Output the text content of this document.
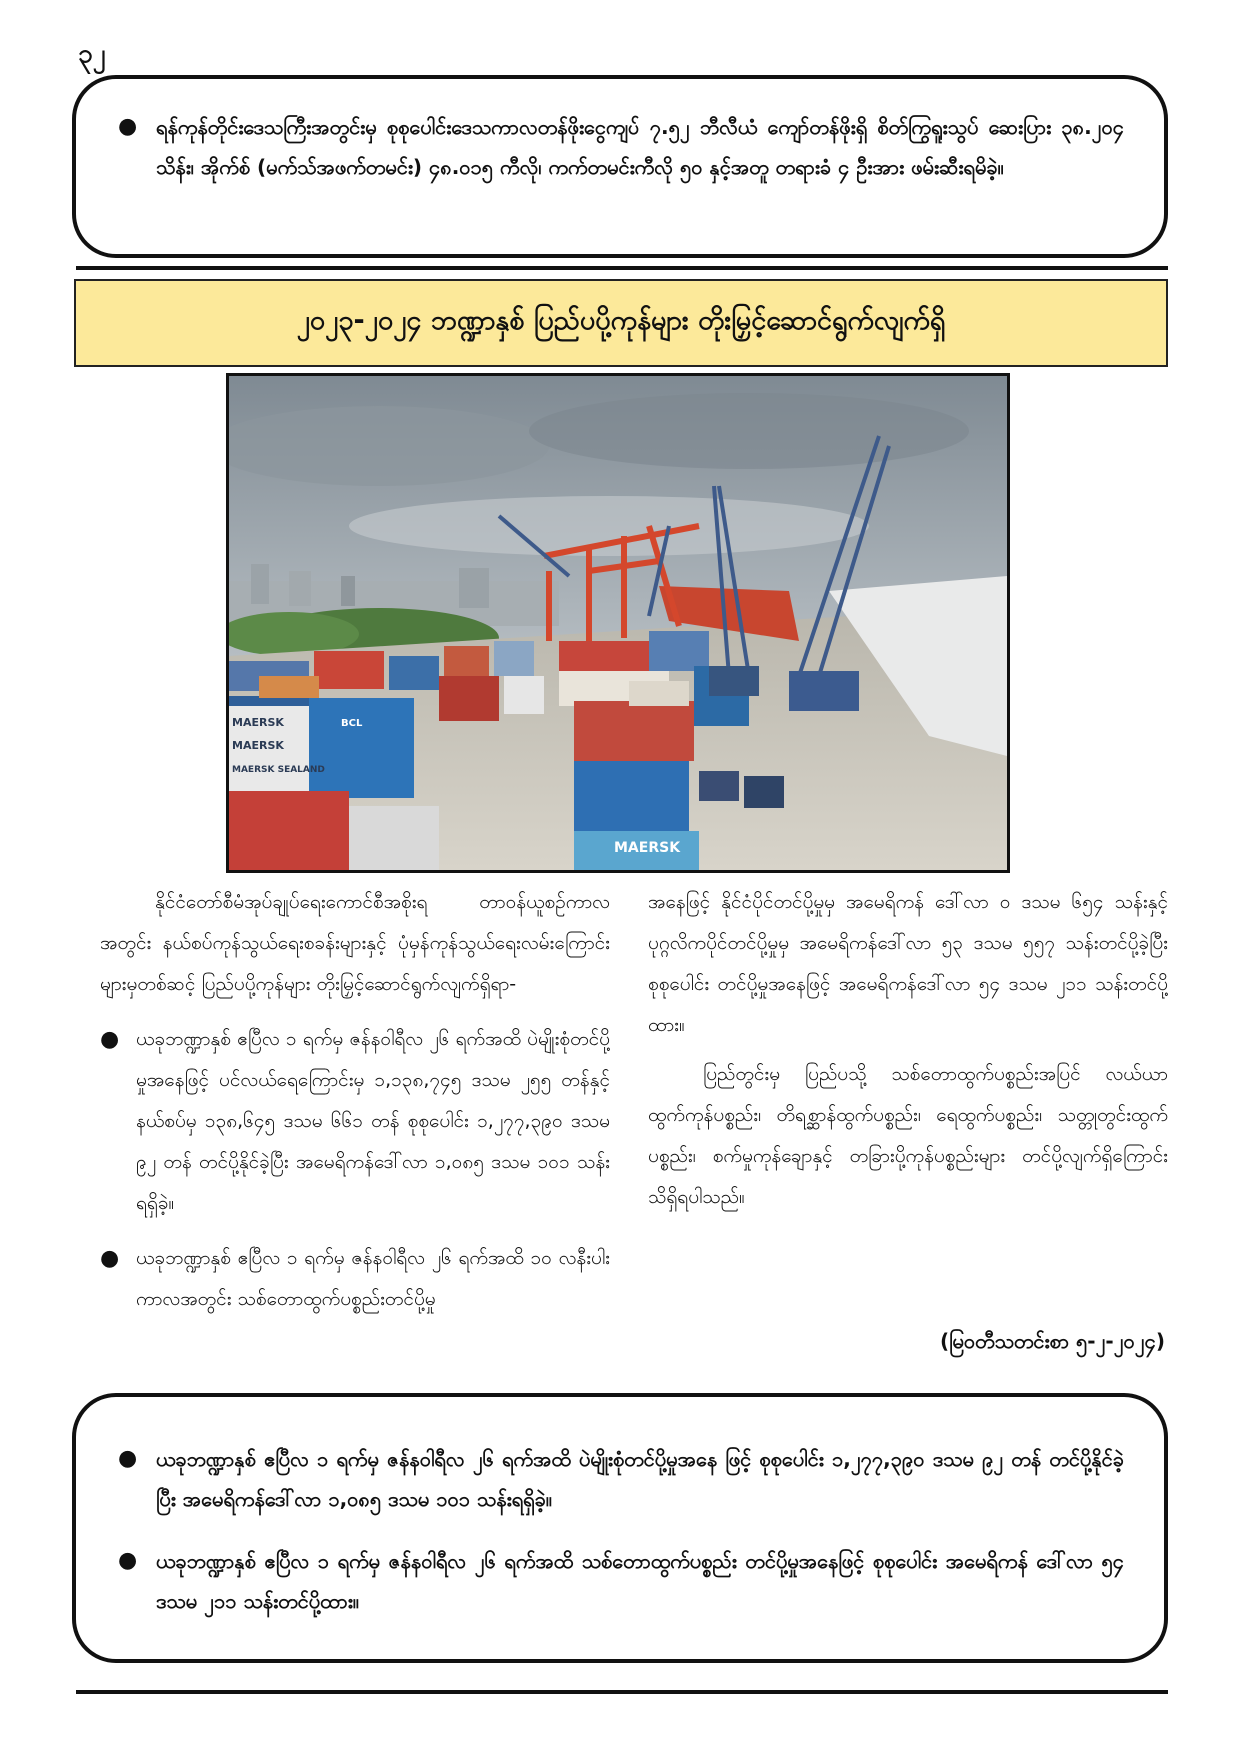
၃၂
● ရန်ကုန်တိုင်းဒေသကြီးအတွင်းမှ စုစုပေါင်းဒေသကာလတန်ဖိုးငွေကျပ် ၇.၅၂ ဘီလီယံ ကျော်တန်ဖိုးရှိ စိတ်ကြွရူးသွပ် ဆေးပြား ၃၈.၂၀၄ သိန်း၊ အိုက်စ် (မက်သ်အဖက်တမင်း) ၄၈.၀၁၅ ကီလို၊ ကက်တမင်းကီလို ၅၀ နှင့်အတူ တရားခံ ၄ ဦးအား ဖမ်းဆီးရမိခဲ့။
၂၀၂၃-၂၀၂၄ ဘဏ္ဍာနှစ် ပြည်ပပို့ကုန်များ တိုးမြှင့်ဆောင်ရွက်လျက်ရှိ
MAERSK
MAERSK
MAERSK SEALAND
BCL
MAERSK

နိုင်ငံတော်စီမံအုပ်ချုပ်ရေးကောင်စီအစိုးရ တာဝန်ယူစဉ်ကာလအတွင်း နယ်စပ်ကုန်သွယ်ရေးစခန်းများနှင့် ပုံမှန်ကုန်သွယ်ရေးလမ်းကြောင်းများမှတစ်ဆင့် ပြည်ပပို့ကုန်များ တိုးမြှင့်ဆောင်ရွက်လျက်ရှိရာ-

● ယခုဘဏ္ဍာနှစ် ဧပြီလ ၁ ရက်မှ ဇန်နဝါရီလ ၂၆ ရက်အထိ ပဲမျိုးစုံတင်ပို့မှုအနေဖြင့် ပင်လယ်ရေကြောင်းမှ ၁,၁၃၈,၇၄၅ ဒသမ ၂၅၅ တန်နှင့် နယ်စပ်မှ ၁၃၈,၆၄၅ ဒသမ ၆၆၁ တန် စုစုပေါင်း ၁,၂၇၇,၃၉၀ ဒသမ ၉၂ တန် တင်ပို့နိုင်ခဲ့ပြီး အမေရိကန်ဒေါ်လာ ၁,၀၈၅ ဒသမ ၁၀၁ သန်းရရှိခဲ့။
● ယခုဘဏ္ဍာနှစ် ဧပြီလ ၁ ရက်မှ ဇန်နဝါရီလ ၂၆ ရက်အထိ ၁၀ လနီးပါးကာလအတွင်း သစ်တောထွက်ပစ္စည်းတင်ပို့မှု

အနေဖြင့် နိုင်ငံပိုင်တင်ပို့မှုမှ အမေရိကန် ဒေါ်လာ ၀ ဒသမ ၆၅၄ သန်းနှင့် ပုဂ္ဂလိကပိုင်တင်ပို့မှုမှ အမေရိကန်ဒေါ်လာ ၅၃ ဒသမ ၅၅၇ သန်းတင်ပို့ခဲ့ပြီး စုစုပေါင်း တင်ပို့မှုအနေဖြင့် အမေရိကန်ဒေါ်လာ ၅၄ ဒသမ ၂၁၁ သန်းတင်ပို့ထား။

ပြည်တွင်းမှ ပြည်ပသို့ သစ်တောထွက်ပစ္စည်းအပြင် လယ်ယာထွက်ကုန်ပစ္စည်း၊ တိရစ္ဆာန်ထွက်ပစ္စည်း၊ ရေထွက်ပစ္စည်း၊ သတ္တုတွင်းထွက်ပစ္စည်း၊ စက်မှုကုန်ချောနှင့် တခြားပို့ကုန်ပစ္စည်းများ တင်ပို့လျက်ရှိကြောင်း သိရှိရပါသည်။

(မြဝတီသတင်းစာ ၅-၂-၂၀၂၄)
● ယခုဘဏ္ဍာနှစ် ဧပြီလ ၁ ရက်မှ ဇန်နဝါရီလ ၂၆ ရက်အထိ ပဲမျိုးစုံတင်ပို့မှုအနေ ဖြင့် စုစုပေါင်း ၁,၂၇၇,၃၉၀ ဒသမ ၉၂ တန် တင်ပို့နိုင်ခဲ့ပြီး အမေရိကန်ဒေါ်လာ ၁,၀၈၅ ဒသမ ၁၀၁ သန်းရရှိခဲ့။
● ယခုဘဏ္ဍာနှစ် ဧပြီလ ၁ ရက်မှ ဇန်နဝါရီလ ၂၆ ရက်အထိ သစ်တောထွက်ပစ္စည်း တင်ပို့မှုအနေဖြင့် စုစုပေါင်း အမေရိကန် ဒေါ်လာ ၅၄ ဒသမ ၂၁၁ သန်းတင်ပို့ထား။
